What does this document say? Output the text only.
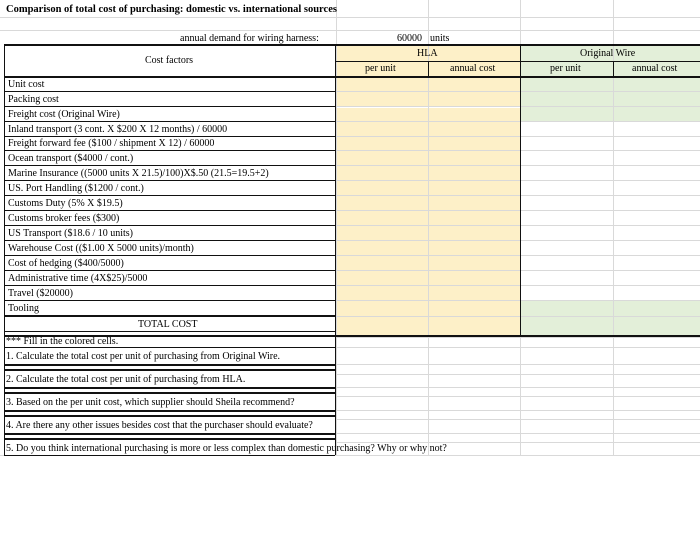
Comparison of total cost of purchasing: domestic vs. international sources
annual demand for wiring harness:	60000 units
Cost factors
HLA	Original Wire
per unit	annual cost	per unit	annual cost
Unit cost
Packing cost
Freight cost (Original Wire)
Inland transport (3 cont. X $200 X 12 months) / 60000
Freight forward fee ($100 / shipment X 12) / 60000
Ocean transport ($4000 / cont.)
Marine Insurance ((5000 units X 21.5)/100)X$.50 (21.5=19.5+2)
US. Port Handling ($1200 / cont.)
Customs Duty (5% X $19.5)
Customs broker fees ($300)
US Transport ($18.6 / 10 units)
Warehouse Cost (($1.00 X 5000 units)/month)
Cost of hedging ($400/5000)
Administrative time (4X$25)/5000
Travel ($20000)
Tooling
TOTAL COST
*** Fill in the colored cells.
1. Calculate the total cost per unit of purchasing from Original Wire.
2. Calculate the total cost per unit of purchasing from HLA.
3. Based on the per unit cost, which supplier should Sheila recommend?
4. Are there any other issues besides cost that the purchaser should evaluate?
5. Do you think international purchasing is more or less complex than domestic purchasing? Why or why not?
